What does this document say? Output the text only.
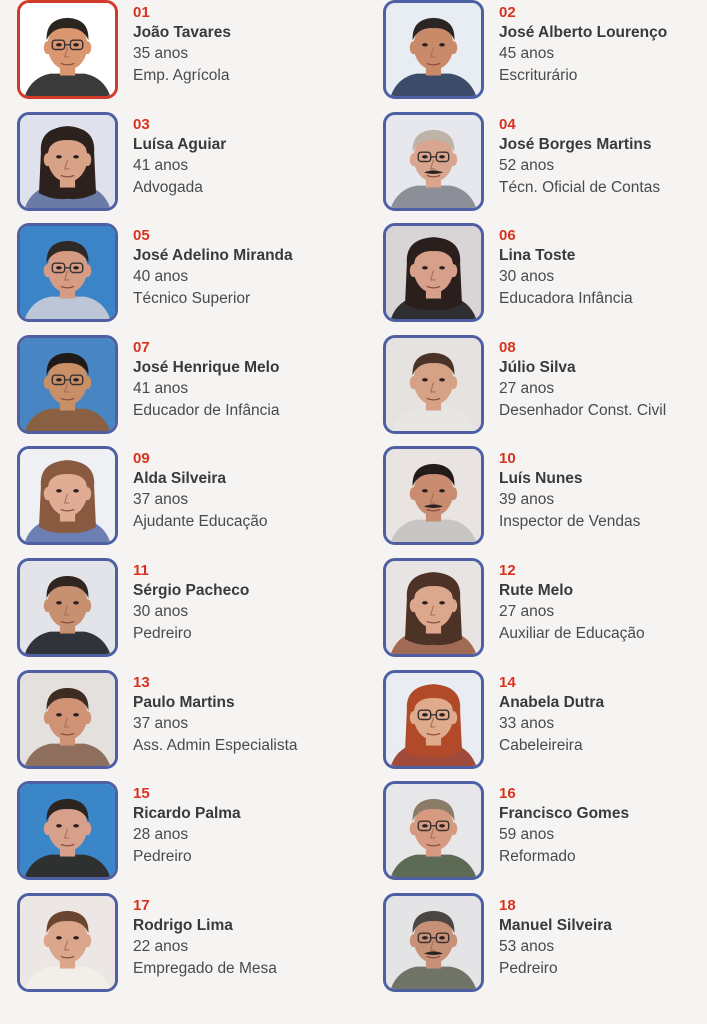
01
João Tavares
35 anos
Emp. Agrícola
02
José Alberto Lourenço
45 anos
Escriturário
03
Luísa Aguiar
41 anos
Advogada
04
José Borges Martins
52 anos
Técn. Oficial de Contas
05
José Adelino Miranda
40 anos
Técnico Superior
06
Lina Toste
30 anos
Educadora Infância
07
José Henrique Melo
41 anos
Educador de Infância
08
Júlio Silva
27 anos
Desenhador Const. Civil
09
Alda Silveira
37 anos
Ajudante Educação
10
Luís Nunes
39 anos
Inspector de Vendas
11
Sérgio Pacheco
30 anos
Pedreiro
12
Rute Melo
27 anos
Auxiliar de Educação
13
Paulo Martins
37 anos
Ass. Admin Especialista
14
Anabela Dutra
33 anos
Cabeleireira
15
Ricardo Palma
28 anos
Pedreiro
16
Francisco Gomes
59 anos
Reformado
17
Rodrigo Lima
22 anos
Empregado de Mesa
18
Manuel Silveira
53 anos
Pedreiro
